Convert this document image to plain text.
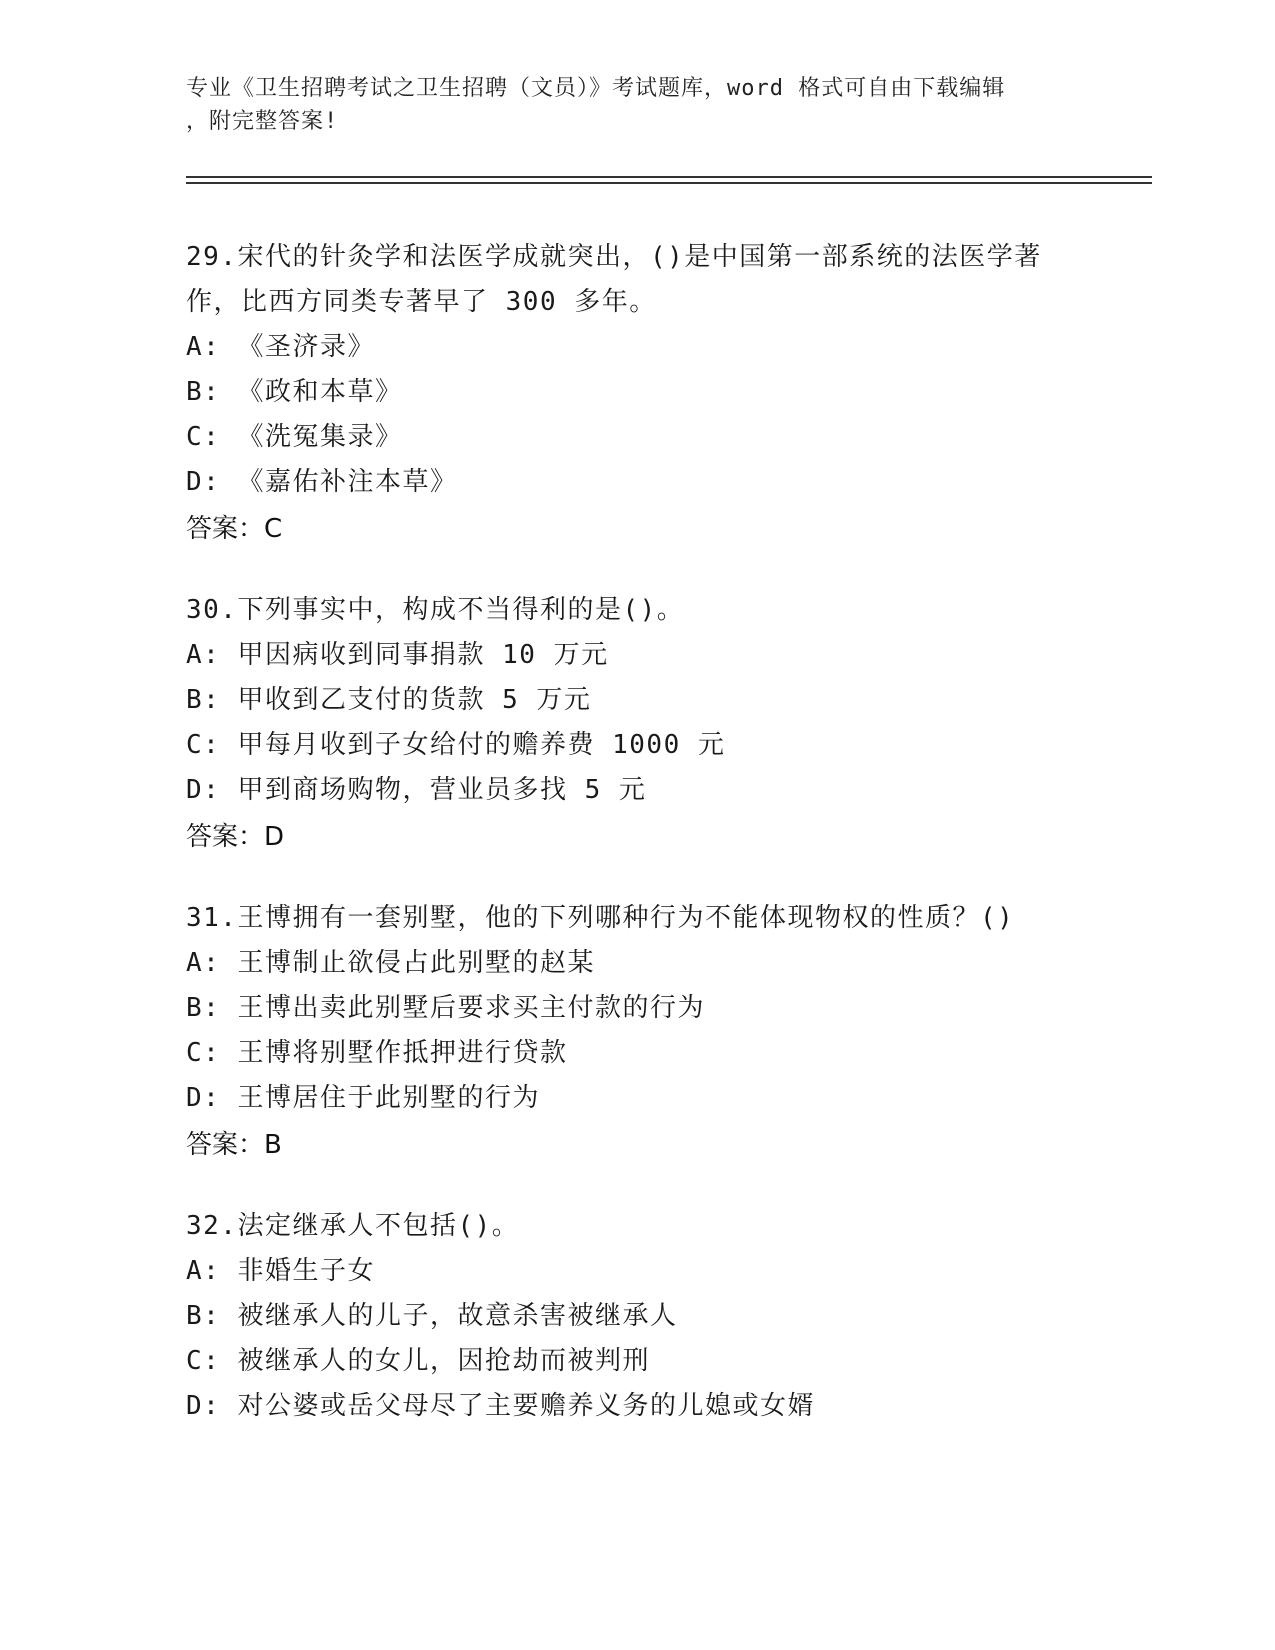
专业《卫生招聘考试之卫生招聘（文员）》考试题库，word 格式可自由下载编辑
，附完整答案!
29.宋代的针灸学和法医学成就突出，()是中国第一部系统的法医学著
作，比西方同类专著早了 300 多年。
A: 《圣济录》
B: 《政和本草》
C: 《洗冤集录》
D: 《嘉佑补注本草》
答案：C
30.下列事实中，构成不当得利的是()。
A: 甲因病收到同事捐款 10 万元
B: 甲收到乙支付的货款 5 万元
C: 甲每月收到子女给付的赡养费 1000 元
D: 甲到商场购物，营业员多找 5 元
答案：D
31.王博拥有一套别墅，他的下列哪种行为不能体现物权的性质？()
A: 王博制止欲侵占此别墅的赵某
B: 王博出卖此别墅后要求买主付款的行为
C: 王博将别墅作抵押进行贷款
D: 王博居住于此别墅的行为
答案：B
32.法定继承人不包括()。
A: 非婚生子女
B: 被继承人的儿子，故意杀害被继承人
C: 被继承人的女儿，因抢劫而被判刑
D: 对公婆或岳父母尽了主要赡养义务的儿媳或女婿
